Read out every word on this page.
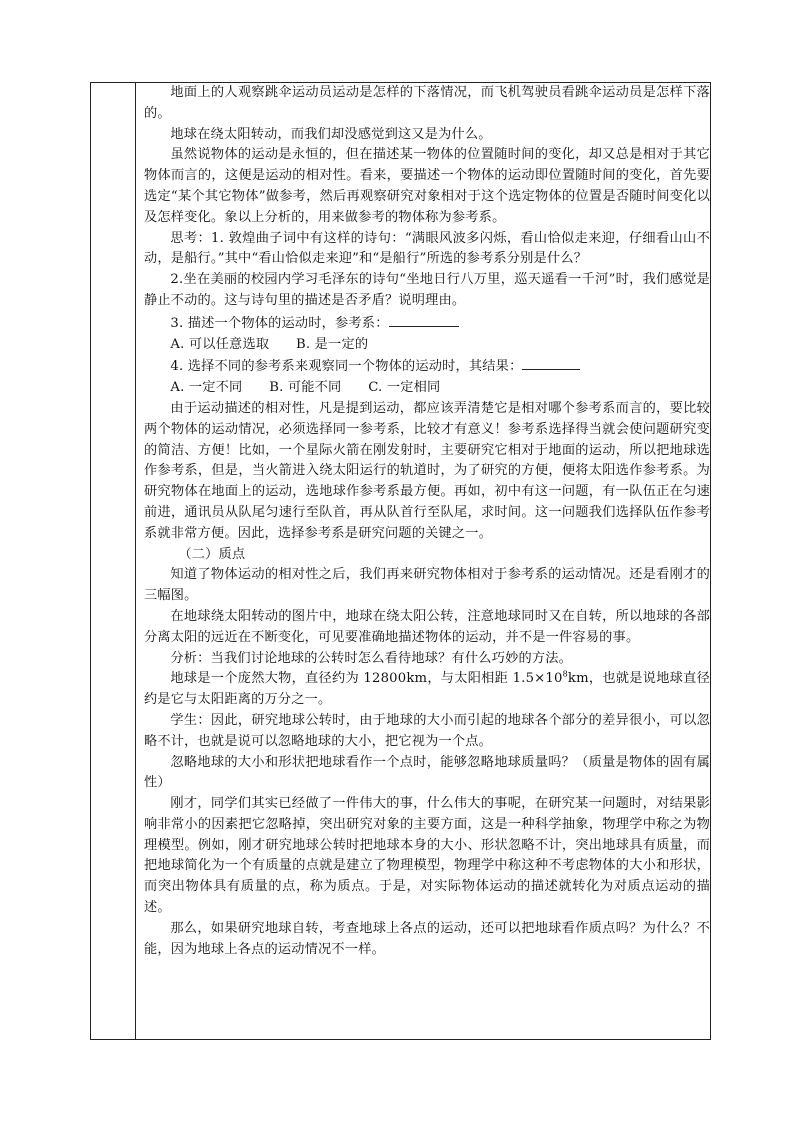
地面上的人观察跳伞运动员运动是怎样的下落情况，而飞机驾驶员看跳伞运动员是怎样下落的。

地球在绕太阳转动，而我们却没感觉到这又是为什么。

虽然说物体的运动是永恒的，但在描述某一物体的位置随时间的变化，却又总是相对于其它物体而言的，这便是运动的相对性。看来，要描述一个物体的运动即位置随时间的变化，首先要选定“某个其它物体”做参考，然后再观察研究对象相对于这个选定物体的位置是否随时间变化以及怎样变化。象以上分析的，用来做参考的物体称为参考系。

思考：1. 敦煌曲子词中有这样的诗句：“满眼风波多闪烁，看山恰似走来迎，仔细看山山不动，是船行。”其中“看山恰似走来迎”和“是船行”所选的参考系分别是什么？

2.坐在美丽的校园内学习毛泽东的诗句“坐地日行八万里，巡天遥看一千河”时，我们感觉是静止不动的。这与诗句里的描述是否矛盾？说明理由。

3. 描述一个物体的运动时，参考系：

A. 可以任意选取　　B. 是一定的

4. 选择不同的参考系来观察同一个物体的运动时，其结果：

A. 一定不同　　B. 可能不同　　C. 一定相同

由于运动描述的相对性，凡是提到运动，都应该弄清楚它是相对哪个参考系而言的，要比较两个物体的运动情况，必须选择同一参考系，比较才有意义！参考系选择得当就会使问题研究变的简洁、方便！比如，一个星际火箭在刚发射时，主要研究它相对于地面的运动，所以把地球选作参考系，但是，当火箭进入绕太阳运行的轨道时，为了研究的方便，便将太阳选作参考系。为研究物体在地面上的运动，选地球作参考系最方便。再如，初中有这一问题，有一队伍正在匀速前进，通讯员从队尾匀速行至队首，再从队首行至队尾，求时间。这一问题我们选择队伍作参考系就非常方便。因此，选择参考系是研究问题的关键之一。

（二）质点

知道了物体运动的相对性之后，我们再来研究物体相对于参考系的运动情况。还是看刚才的三幅图。

在地球绕太阳转动的图片中，地球在绕太阳公转，注意地球同时又在自转，所以地球的各部分离太阳的远近在不断变化，可见要准确地描述物体的运动，并不是一件容易的事。

分析：当我们讨论地球的公转时怎么看待地球？有什么巧妙的方法。

地球是一个庞然大物，直径约为 12800km，与太阳相距 $1.5\times 10^8km$，也就是说地球直径约是它与太阳距离的万分之一。

学生：因此，研究地球公转时，由于地球的大小而引起的地球各个部分的差异很小，可以忽略不计，也就是说可以忽略地球的大小，把它视为一个点。

忽略地球的大小和形状把地球看作一个点时，能够忽略地球质量吗？（质量是物体的固有属性）

刚才，同学们其实已经做了一件伟大的事，什么伟大的事呢，在研究某一问题时，对结果影响非常小的因素把它忽略掉，突出研究对象的主要方面，这是一种科学抽象，物理学中称之为物理模型。例如，刚才研究地球公转时把地球本身的大小、形状忽略不计，突出地球具有质量，而把地球简化为一个有质量的点就是建立了物理模型，物理学中称这种不考虑物体的大小和形状，而突出物体具有质量的点，称为质点。于是，对实际物体运动的描述就转化为对质点运动的描述。

那么，如果研究地球自转，考查地球上各点的运动，还可以把地球看作质点吗？为什么？不能，因为地球上各点的运动情况不一样。
